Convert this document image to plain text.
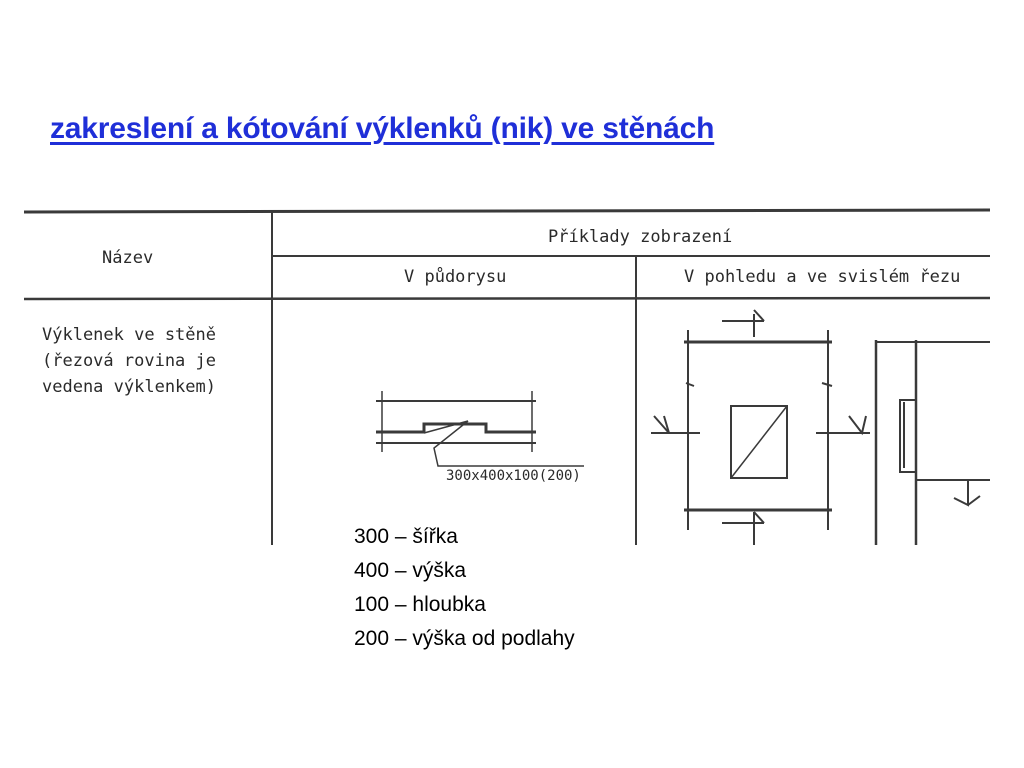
zakreslení a kótování výklenků (nik) ve stěnách
Název
Příklady zobrazení
V půdorysu	V pohledu a ve svislém řezu
Výklenek ve stěně
(řezová rovina je
vedena výklenkem)
300x400x100(200)
300 – šířka
400 – výška
100 – hloubka
200 – výška od podlahy
